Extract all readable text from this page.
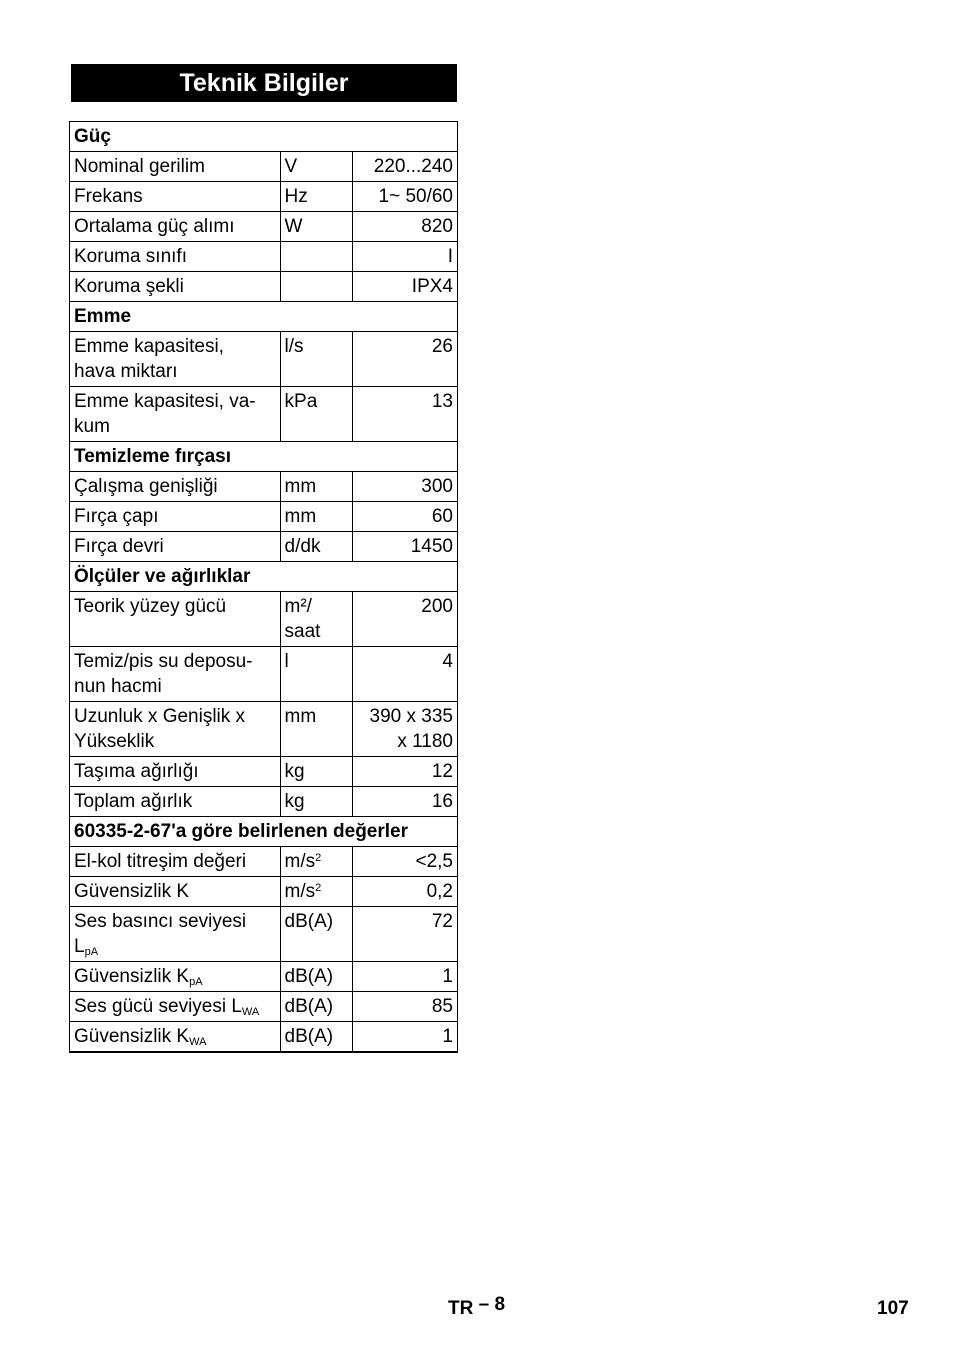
Teknik Bilgiler
Güç		
Nominal gerilim	V	220...240
Frekans	Hz	1~ 50/60
Ortalama güç alımı	W	820
Koruma sınıfı		I
Koruma şekli		IPX4
Emme		
Emme kapasitesi,
hava miktarı	l/s	26
Emme kapasitesi, va-
kum	kPa	13
Temizleme fırçası		
Çalışma genişliği	mm	300
Fırça çapı	mm	60
Fırça devri	d/dk	1450
Ölçüler ve ağırlıklar		
Teorik yüzey gücü	m²/
saat	200
Temiz/pis su deposu-
nun hacmi	l	4
Uzunluk x Genişlik x
Yükseklik	mm	390 x 335
x 1180
Taşıma ağırlığı	kg	12
Toplam ağırlık	kg	16
60335-2-67'a göre belirlenen değerler		
El-kol titreşim değeri	$m/s^2$	<2,5
Güvensizlik K	$m/s^2$	0,2
Ses basıncı seviyesi
$L_{pA}$	dB(A)	72
Güvensizlik $K_{pA}$	dB(A)	1
Ses gücü seviyesi $L_{WA}$	dB(A)	85
Güvensizlik $K_{WA}$	dB(A)	1
TR – 8	107
